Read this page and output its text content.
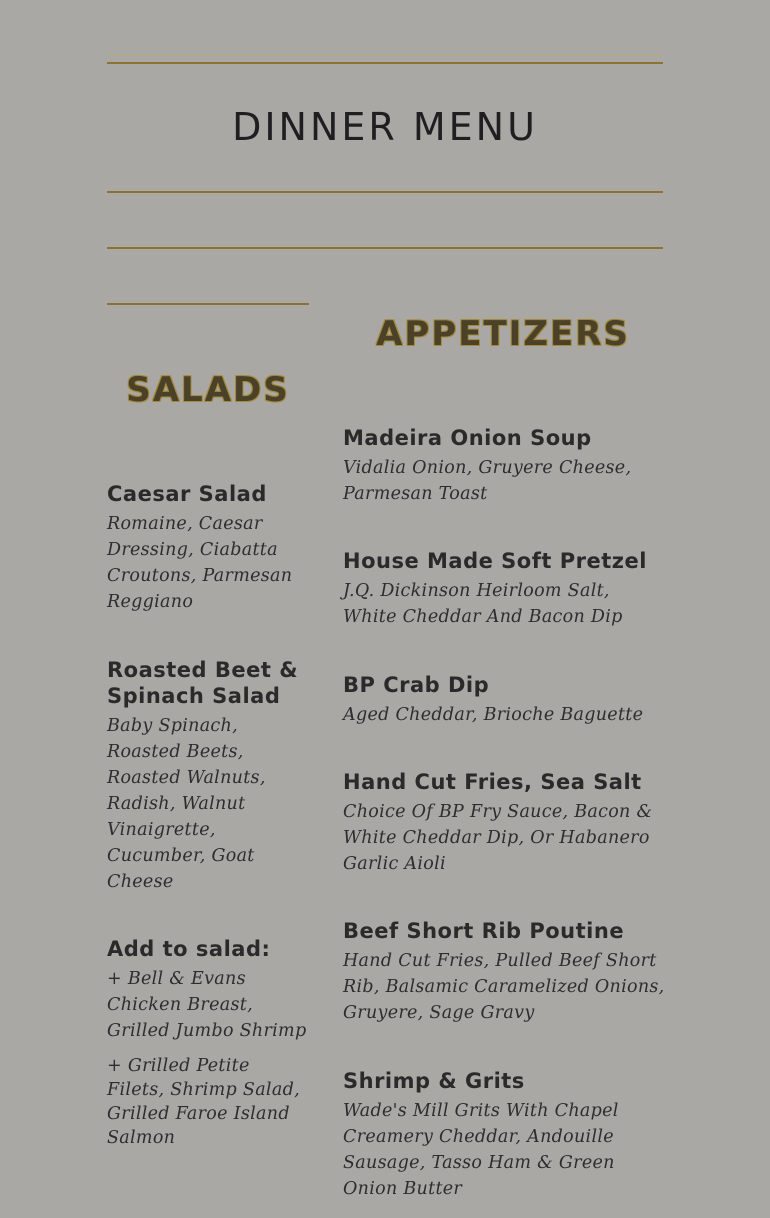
DINNER MENU
SALADS
Caesar Salad

Romaine, Caesar Dressing, Ciabatta Croutons, Parmesan Reggiano

Roasted Beet & Spinach Salad

Baby Spinach, Roasted Beets, Roasted Walnuts, Radish, Walnut Vinaigrette, Cucumber, Goat Cheese

Add to salad:

+ Bell & Evans Chicken Breast, Grilled Jumbo Shrimp

+ Grilled Petite Filets, Shrimp Salad, Grilled Faroe Island Salmon

APPETIZERS
Madeira Onion Soup

Vidalia Onion, Gruyere Cheese, Parmesan Toast

House Made Soft Pretzel

J.Q. Dickinson Heirloom Salt, White Cheddar And Bacon Dip

BP Crab Dip

Aged Cheddar, Brioche Baguette

Hand Cut Fries, Sea Salt

Choice Of BP Fry Sauce, Bacon & White Cheddar Dip, Or Habanero Garlic Aioli

Beef Short Rib Poutine

Hand Cut Fries, Pulled Beef Short Rib, Balsamic Caramelized Onions, Gruyere, Sage Gravy

Shrimp & Grits

Wade's Mill Grits With Chapel Creamery Cheddar, Andouille Sausage, Tasso Ham & Green Onion Butter
